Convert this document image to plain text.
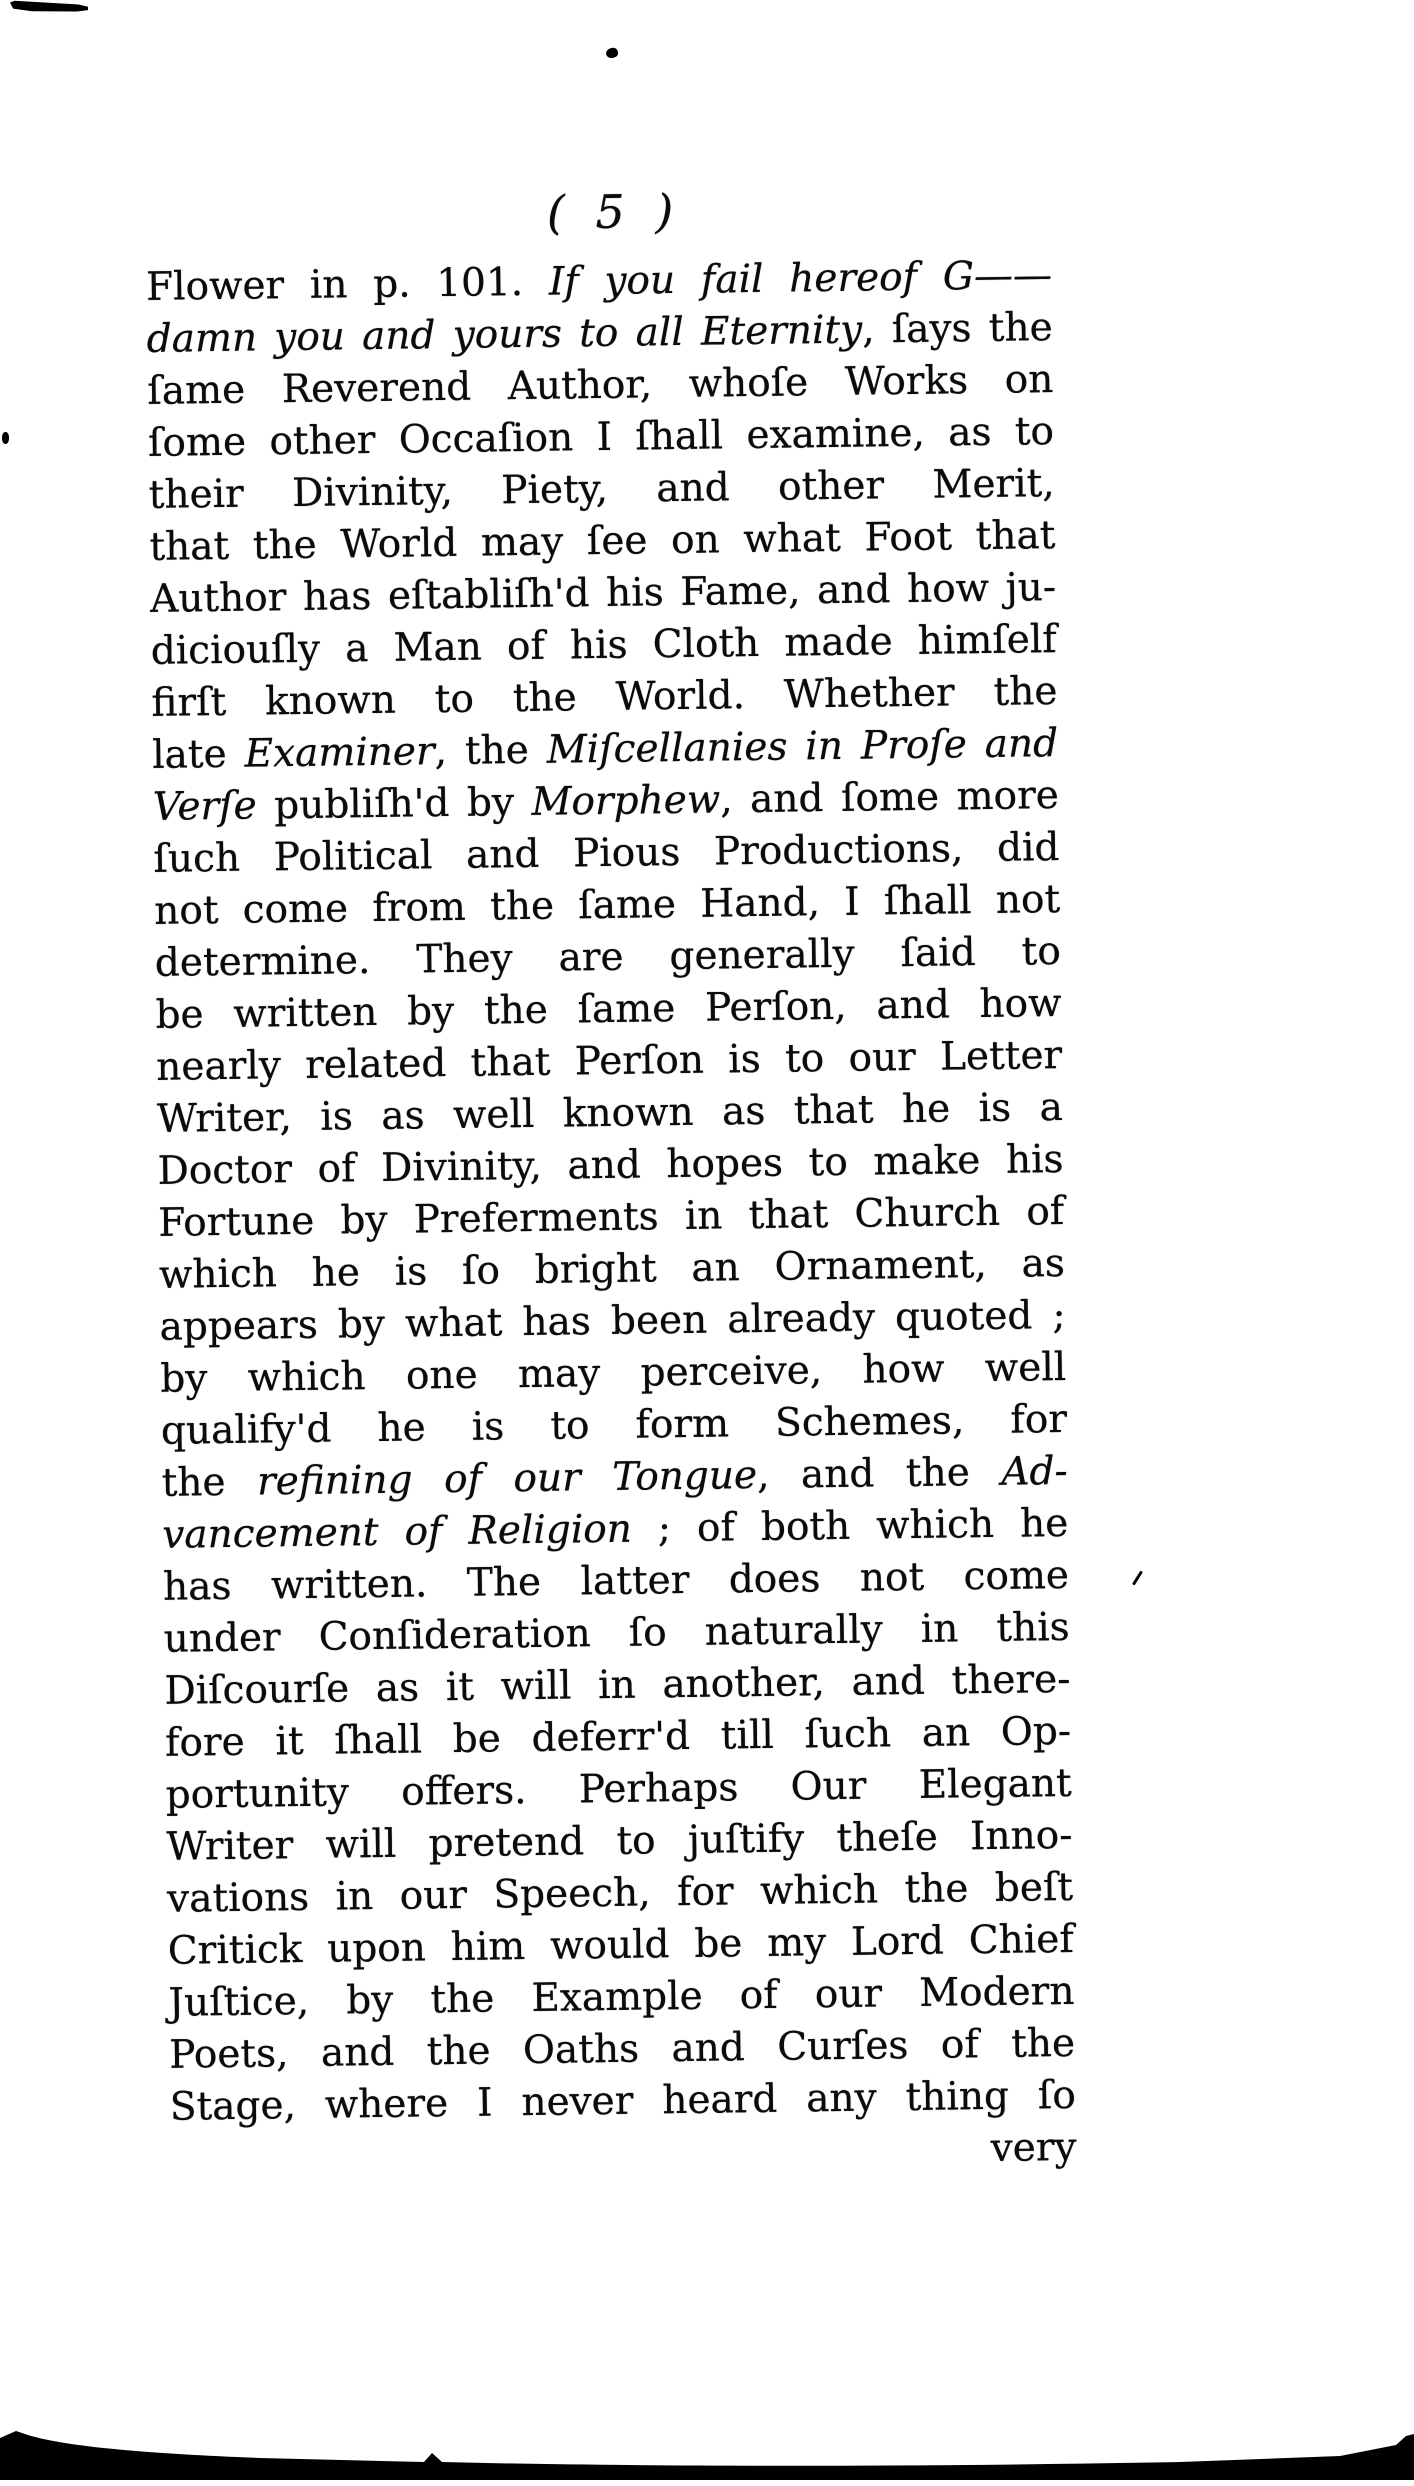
( 5 )
Flower in p. 101. If you fail hereof G——
damn you and yours to all Eternity, ſays the
ſame Reverend Author, whoſe Works on
ſome other Occaſion I ſhall examine, as to
their Divinity, Piety, and other Merit,
that the World may ſee on what Foot that
Author has eſtabliſh'd his Fame, and how ju-
diciouſly a Man of his Cloth made himſelf
firſt known to the World. Whether the
late Examiner, the Miſcellanies in Proſe and
Verſe publiſh'd by Morphew, and ſome more
ſuch Political and Pious Productions, did
not come from the ſame Hand, I ſhall not
determine. They are generally ſaid to
be written by the ſame Perſon, and how
nearly related that Perſon is to our Letter
Writer, is as well known as that he is a
Doctor of Divinity, and hopes to make his
Fortune by Preferments in that Church of
which he is ſo bright an Ornament, as
appears by what has been already quoted ;
by which one may perceive, how well
qualify'd he is to form Schemes, for
the refining of our Tongue, and the Ad-
vancement of Religion ; of both which he
has written. The latter does not come
under Conſideration ſo naturally in this
Diſcourſe as it will in another, and there-
fore it ſhall be deferr'd till ſuch an Op-
portunity offers. Perhaps Our Elegant
Writer will pretend to juſtify theſe Inno-
vations in our Speech, for which the beſt
Critick upon him would be my Lord Chief
Juſtice, by the Example of our Modern
Poets, and the Oaths and Curſes of the
Stage, where I never heard any thing ſo
very
